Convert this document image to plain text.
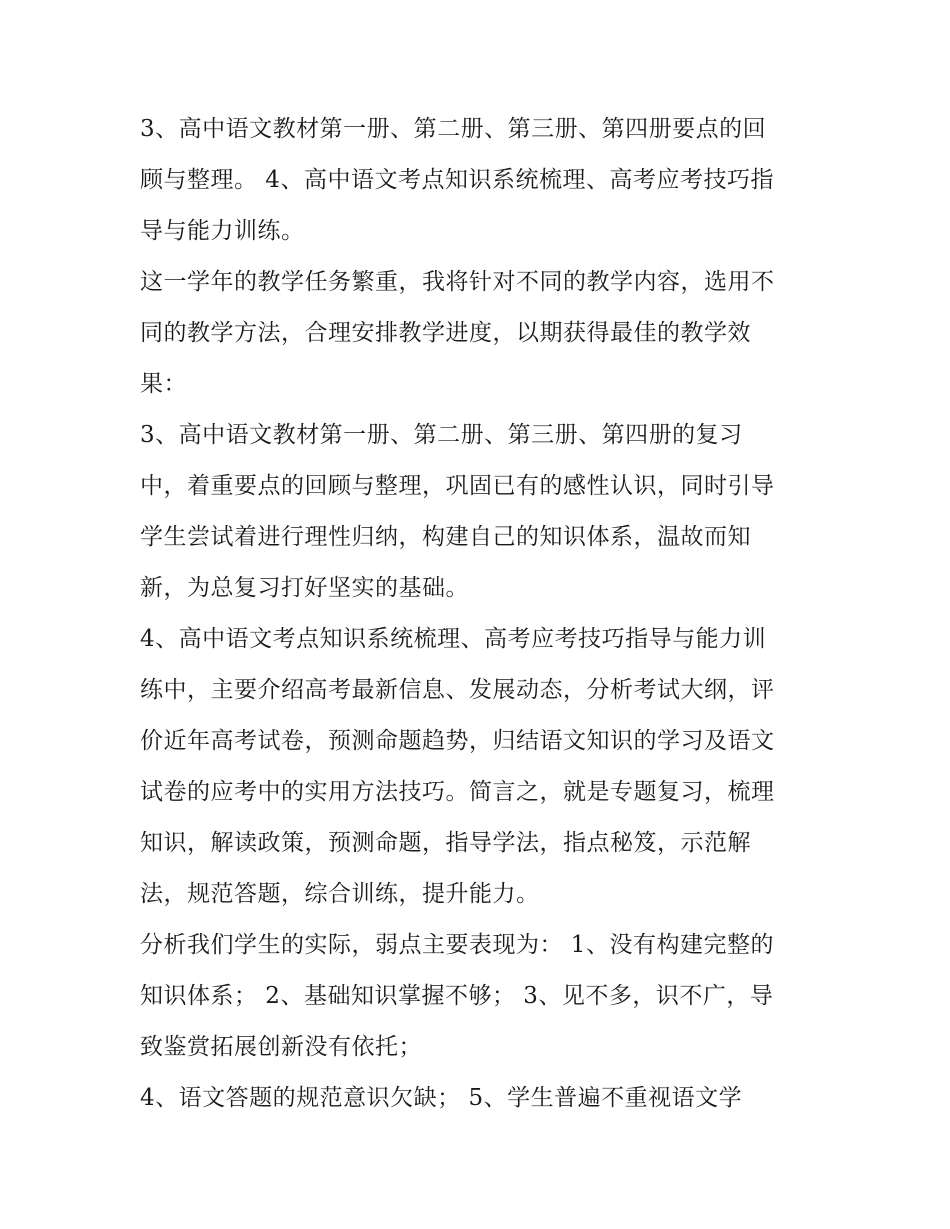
3、高中语文教材第一册、第二册、第三册、第四册要点的回
顾与整理。 4、高中语文考点知识系统梳理、高考应考技巧指
导与能力训练。

这一学年的教学任务繁重，我将针对不同的教学内容，选用不
同的教学方法，合理安排教学进度，以期获得最佳的教学效
果：

3、高中语文教材第一册、第二册、第三册、第四册的复习
中，着重要点的回顾与整理，巩固已有的感性认识，同时引导
学生尝试着进行理性归纳，构建自己的知识体系，温故而知
新，为总复习打好坚实的基础。

4、高中语文考点知识系统梳理、高考应考技巧指导与能力训
练中，主要介绍高考最新信息、发展动态，分析考试大纲，评
价近年高考试卷，预测命题趋势，归结语文知识的学习及语文
试卷的应考中的实用方法技巧。简言之，就是专题复习，梳理
知识，解读政策，预测命题，指导学法，指点秘笈，示范解
法，规范答题，综合训练，提升能力。

分析我们学生的实际，弱点主要表现为： 1、没有构建完整的
知识体系； 2、基础知识掌握不够； 3、见不多，识不广，导
致鉴赏拓展创新没有依托；

4、语文答题的规范意识欠缺； 5、学生普遍不重视语文学
